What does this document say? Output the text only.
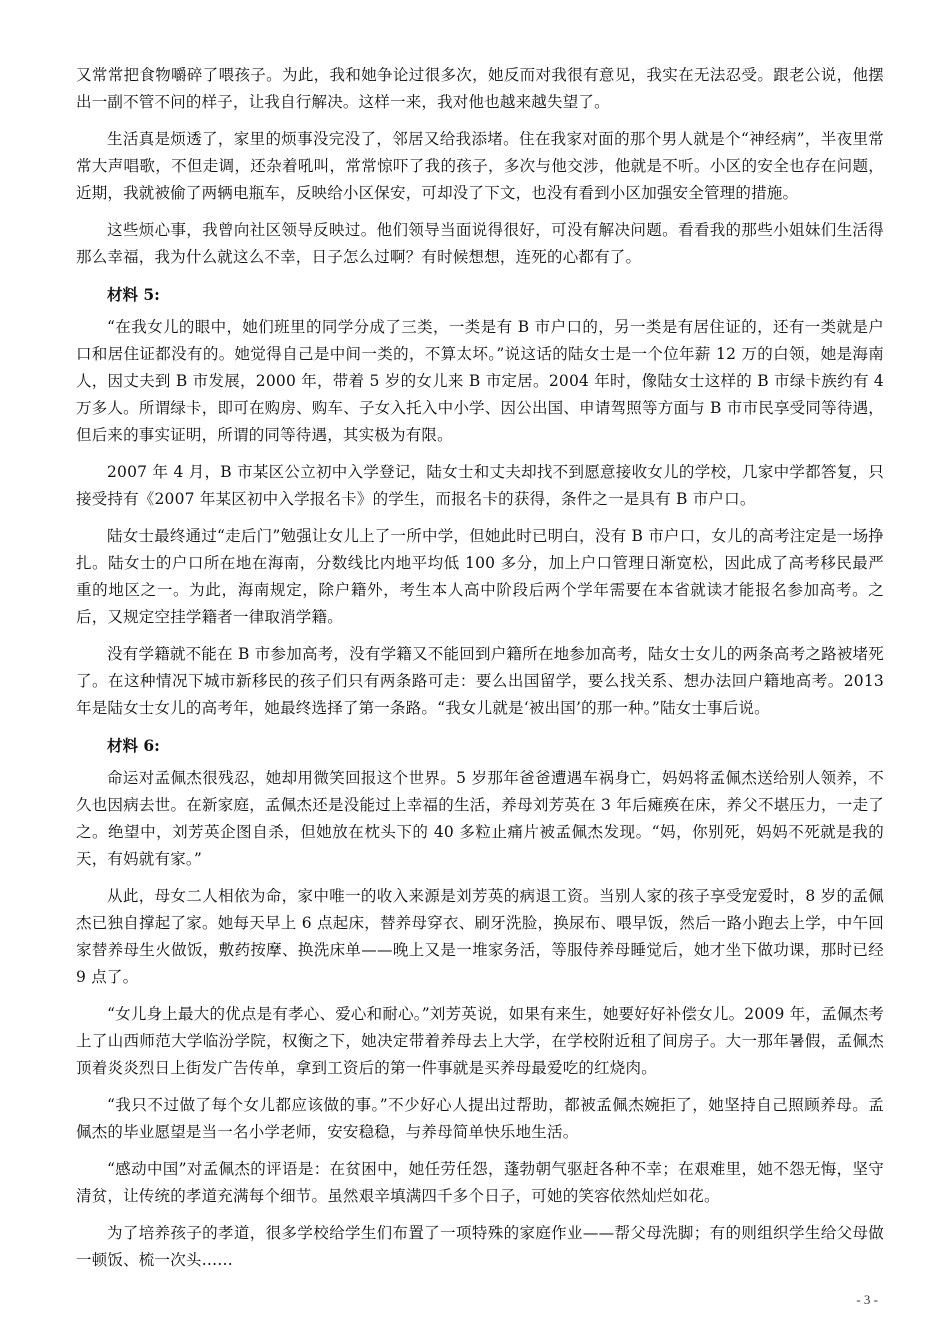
又常常把食物嚼碎了喂孩子。为此，我和她争论过很多次，她反而对我很有意见，我实在无法忍受。跟老公说，他摆出一副不管不问的样子，让我自行解决。这样一来，我对他也越来越失望了。

生活真是烦透了，家里的烦事没完没了，邻居又给我添堵。住在我家对面的那个男人就是个“神经病”，半夜里常常大声唱歌，不但走调，还杂着吼叫，常常惊吓了我的孩子，多次与他交涉，他就是不听。小区的安全也存在问题，近期，我就被偷了两辆电瓶车，反映给小区保安，可却没了下文，也没有看到小区加强安全管理的措施。

这些烦心事，我曾向社区领导反映过。他们领导当面说得很好，可没有解决问题。看看我的那些小姐妹们生活得那么幸福，我为什么就这么不幸，日子怎么过啊？有时候想想，连死的心都有了。

材料 5:

“在我女儿的眼中，她们班里的同学分成了三类，一类是有 B 市户口的，另一类是有居住证的，还有一类就是户口和居住证都没有的。她觉得自己是中间一类的，不算太坏。”说这话的陆女士是一个位年薪 12 万的白领，她是海南人，因丈夫到 B 市发展，2000 年，带着 5 岁的女儿来 B 市定居。2004 年时，像陆女士这样的 B 市绿卡族约有 4 万多人。所谓绿卡，即可在购房、购车、子女入托入中小学、因公出国、申请驾照等方面与 B 市市民享受同等待遇，但后来的事实证明，所谓的同等待遇，其实极为有限。

2007 年 4 月，B 市某区公立初中入学登记，陆女士和丈夫却找不到愿意接收女儿的学校，几家中学都答复，只接受持有《2007 年某区初中入学报名卡》的学生，而报名卡的获得，条件之一是具有 B 市户口。

陆女士最终通过“走后门”勉强让女儿上了一所中学，但她此时已明白，没有 B 市户口，女儿的高考注定是一场挣扎。陆女士的户口所在地在海南，分数线比内地平均低 100 多分，加上户口管理日渐宽松，因此成了高考移民最严重的地区之一。为此，海南规定，除户籍外，考生本人高中阶段后两个学年需要在本省就读才能报名参加高考。之后，又规定空挂学籍者一律取消学籍。

没有学籍就不能在 B 市参加高考，没有学籍又不能回到户籍所在地参加高考，陆女士女儿的两条高考之路被堵死了。在这种情况下城市新移民的孩子们只有两条路可走：要么出国留学，要么找关系、想办法回户籍地高考。2013 年是陆女士女儿的高考年，她最终选择了第一条路。“我女儿就是‘被出国’的那一种。”陆女士事后说。

材料 6:

命运对孟佩杰很残忍，她却用微笑回报这个世界。5 岁那年爸爸遭遇车祸身亡，妈妈将孟佩杰送给别人领养，不久也因病去世。在新家庭，孟佩杰还是没能过上幸福的生活，养母刘芳英在 3 年后瘫痪在床，养父不堪压力，一走了之。绝望中，刘芳英企图自杀，但她放在枕头下的 40 多粒止痛片被孟佩杰发现。“妈，你别死，妈妈不死就是我的天，有妈就有家。”

从此，母女二人相依为命，家中唯一的收入来源是刘芳英的病退工资。当别人家的孩子享受宠爱时，8 岁的孟佩杰已独自撑起了家。她每天早上 6 点起床，替养母穿衣、刷牙洗脸，换尿布、喂早饭，然后一路小跑去上学，中午回家替养母生火做饭，敷药按摩、换洗床单——晚上又是一堆家务活，等服侍养母睡觉后，她才坐下做功课，那时已经 9 点了。

“女儿身上最大的优点是有孝心、爱心和耐心。”刘芳英说，如果有来生，她要好好补偿女儿。2009 年，孟佩杰考上了山西师范大学临汾学院，权衡之下，她决定带着养母去上大学，在学校附近租了间房子。大一那年暑假，孟佩杰顶着炎炎烈日上街发广告传单，拿到工资后的第一件事就是买养母最爱吃的红烧肉。

“我只不过做了每个女儿都应该做的事。”不少好心人提出过帮助，都被孟佩杰婉拒了，她坚持自己照顾养母。孟佩杰的毕业愿望是当一名小学老师，安安稳稳，与养母简单快乐地生活。

“感动中国”对孟佩杰的评语是：在贫困中，她任劳任怨，蓬勃朝气驱赶各种不幸；在艰难里，她不怨无悔，坚守清贫，让传统的孝道充满每个细节。虽然艰辛填满四千多个日子，可她的笑容依然灿烂如花。

为了培养孩子的孝道，很多学校给学生们布置了一项特殊的家庭作业——帮父母洗脚；有的则组织学生给父母做一顿饭、梳一次头……

- 3 -
